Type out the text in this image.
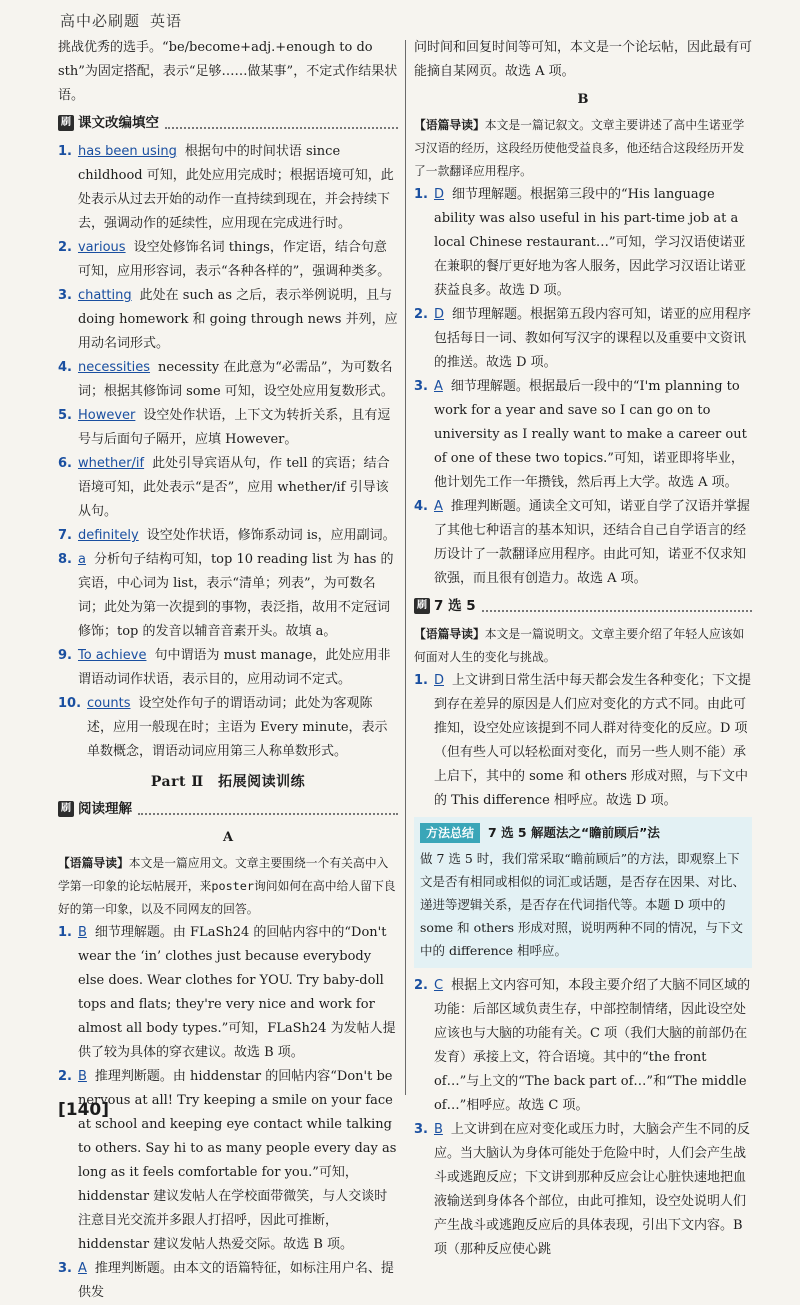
高中必刷题 英语

挑战优秀的选手。“be/become+adj.+enough to do sth”为固定搭配，表示“足够……做某事”，不定式作结果状语。

刷 课文改编填空
1. has been using 根据句中的时间状语 since childhood 可知，此处应用完成时；根据语境可知，此处表示从过去开始的动作一直持续到现在，并会持续下去，强调动作的延续性，应用现在完成进行时。
2. various 设空处修饰名词 things，作定语，结合句意可知，应用形容词，表示“各种各样的”，强调种类多。
3. chatting 此处在 such as 之后，表示举例说明，且与 doing homework 和 going through news 并列，应用动名词形式。
4. necessities necessity 在此意为“必需品”，为可数名词；根据其修饰词 some 可知，设空处应用复数形式。
5. However 设空处作状语，上下文为转折关系，且有逗号与后面句子隔开，应填 However。
6. whether/if 此处引导宾语从句，作 tell 的宾语；结合语境可知，此处表示“是否”，应用 whether/if 引导该从句。
7. definitely 设空处作状语，修饰系动词 is，应用副词。
8. a 分析句子结构可知，top 10 reading list 为 has 的宾语，中心词为 list，表示“清单；列表”，为可数名词；此处为第一次提到的事物，表泛指，故用不定冠词修饰；top 的发音以辅音音素开头。故填 a。
9. To achieve 句中谓语为 must manage，此处应用非谓语动词作状语，表示目的，应用动词不定式。
10. counts 设空处作句子的谓语动词；此处为客观陈述，应用一般现在时；主语为 Every minute，表示单数概念，谓语动词应用第三人称单数形式。
Part Ⅱ　拓展阅读训练
刷 阅读理解
A

【语篇导读】本文是一篇应用文。文章主要围绕一个有关高中入学第一印象的论坛帖展开，来poster询问如何在高中给人留下良好的第一印象，以及不同网友的回答。

1. B 细节理解题。由 FLaSh24 的回帖内容中的“Don't wear the ‘in’ clothes just because everybody else does. Wear clothes for YOU. Try baby-doll tops and flats; they're very nice and work for almost all body types.”可知，FLaSh24 为发帖人提供了较为具体的穿衣建议。故选 B 项。
2. B 推理判断题。由 hiddenstar 的回帖内容“Don't be nervous at all! Try keeping a smile on your face at school and keeping eye contact while talking to others. Say hi to as many people every day as long as it feels comfortable for you.”可知，hiddenstar 建议发帖人在学校面带微笑，与人交谈时注意目光交流并多跟人打招呼，因此可推断，hiddenstar 建议发帖人热爱交际。故选 B 项。
3. A 推理判断题。由本文的语篇特征，如标注用户名、提供发

问时间和回复时间等可知，本文是一个论坛帖，因此最有可能摘自某网页。故选 A 项。

B

【语篇导读】本文是一篇记叙文。文章主要讲述了高中生诺亚学习汉语的经历，这段经历使他受益良多，他还结合这段经历开发了一款翻译应用程序。

1. D 细节理解题。根据第三段中的“His language ability was also useful in his part-time job at a local Chinese restaurant…”可知，学习汉语使诺亚在兼职的餐厅更好地为客人服务，因此学习汉语让诺亚获益良多。故选 D 项。
2. D 细节理解题。根据第五段内容可知，诺亚的应用程序包括每日一词、教如何写汉字的课程以及重要中文资讯的推送。故选 D 项。
3. A 细节理解题。根据最后一段中的“I'm planning to work for a year and save so I can go on to university as I really want to make a career out of one of these two topics.”可知，诺亚即将毕业，他计划先工作一年攒钱，然后再上大学。故选 A 项。
4. A 推理判断题。通读全文可知，诺亚自学了汉语并掌握了其他七种语言的基本知识，还结合自己自学语言的经历设计了一款翻译应用程序。由此可知，诺亚不仅求知欲强，而且很有创造力。故选 A 项。
刷 7 选 5

【语篇导读】本文是一篇说明文。文章主要介绍了年轻人应该如何面对人生的变化与挑战。

1. D 上文讲到日常生活中每天都会发生各种变化；下文提到存在差异的原因是人们应对变化的方式不同。由此可推知，设空处应该提到不同人群对待变化的反应。D 项（但有些人可以轻松面对变化，而另一些人则不能）承上启下，其中的 some 和 others 形成对照，与下文中的 This difference 相呼应。故选 D 项。
方法总结	7 选 5 解题法之“瞻前顾后”法

做 7 选 5 时，我们常采取“瞻前顾后”的方法，即观察上下文是否有相同或相似的词汇或话题，是否存在因果、对比、递进等逻辑关系，是否存在代词指代等。本题 D 项中的 some 和 others 形成对照，说明两种不同的情况，与下文中的 difference 相呼应。

2. C 根据上文内容可知，本段主要介绍了大脑不同区域的功能：后部区域负责生存，中部控制情绪，因此设空处应该也与大脑的功能有关。C 项（我们大脑的前部仍在发育）承接上文，符合语境。其中的“the front of…”与上文的“The back part of…”和“The middle of…”相呼应。故选 C 项。
3. B 上文讲到在应对变化或压力时，大脑会产生不同的反应。当大脑认为身体可能处于危险中时，人们会产生战斗或逃跑反应；下文讲到那种反应会让心脏快速地把血液输送到身体各个部位，由此可推知，设空处说明人们产生战斗或逃跑反应后的具体表现，引出下文内容。B 项（那种反应使心跳
[140]
